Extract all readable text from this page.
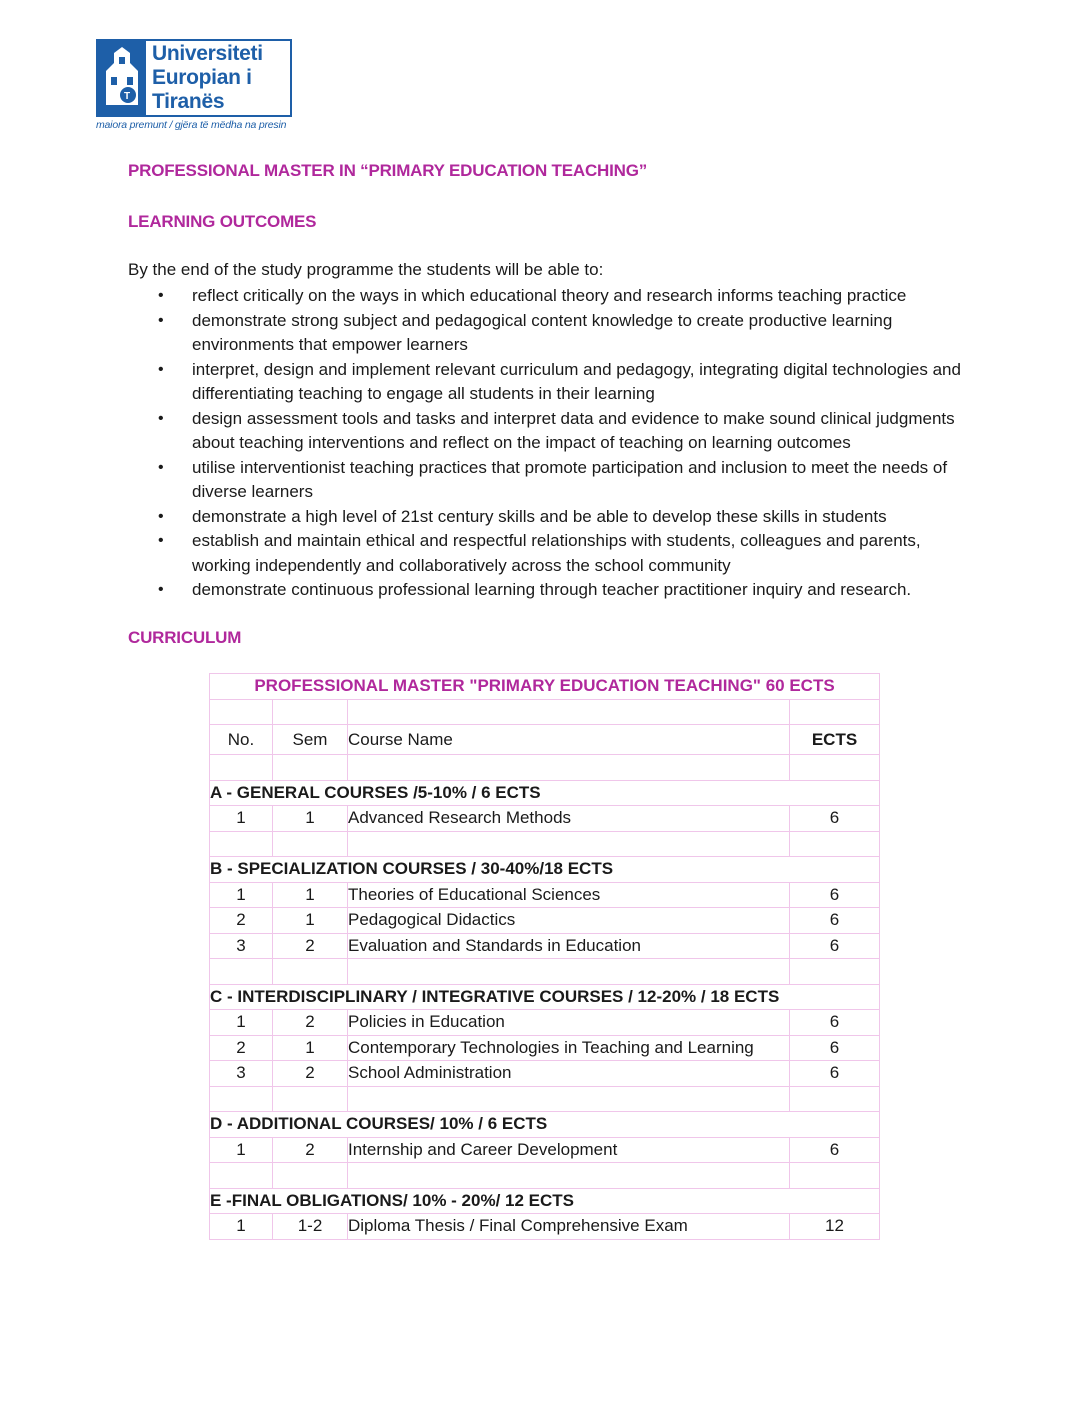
T
Universiteti
Europian i
Tiranës
maiora premunt / gjëra të mëdha na presin
PROFESSIONAL MASTER IN “PRIMARY EDUCATION TEACHING”
LEARNING OUTCOMES
By the end of the study programme the students will be able to:
• reflect critically on the ways in which educational theory and research informs teaching practice
• demonstrate strong subject and pedagogical content knowledge to create productive learning environments that empower learners
• interpret, design and implement relevant curriculum and pedagogy, integrating digital technologies and differentiating teaching to engage all students in their learning
• design assessment tools and tasks and interpret data and evidence to make sound clinical judgments about teaching interventions and reflect on the impact of teaching on learning outcomes
• utilise interventionist teaching practices that promote participation and inclusion to meet the needs of diverse learners
• demonstrate a high level of 21st century skills and be able to develop these skills in students
• establish and maintain ethical and respectful relationships with students, colleagues and parents, working independently and collaboratively across the school community
• demonstrate continuous professional learning through teacher practitioner inquiry and research.
CURRICULUM
PROFESSIONAL MASTER "PRIMARY EDUCATION TEACHING" 60 ECTS			

No.	Sem	Course Name	ECTS

A - GENERAL COURSES /5-10% / 6 ECTS			
1	1	Advanced Research Methods	6

B - SPECIALIZATION COURSES / 30-40%/18 ECTS			
1	1	Theories of Educational Sciences	6
2	1	Pedagogical Didactics	6
3	2	Evaluation and Standards in Education	6

C - INTERDISCIPLINARY / INTEGRATIVE COURSES / 12-20% / 18 ECTS			
1	2	Policies in Education	6
2	1	Contemporary Technologies in Teaching and Learning	6
3	2	School Administration	6

D - ADDITIONAL COURSES/ 10% / 6 ECTS			
1	2	Internship and Career Development	6

E -FINAL OBLIGATIONS/ 10% - 20%/ 12 ECTS			
1	1-2	Diploma Thesis / Final Comprehensive Exam	12
